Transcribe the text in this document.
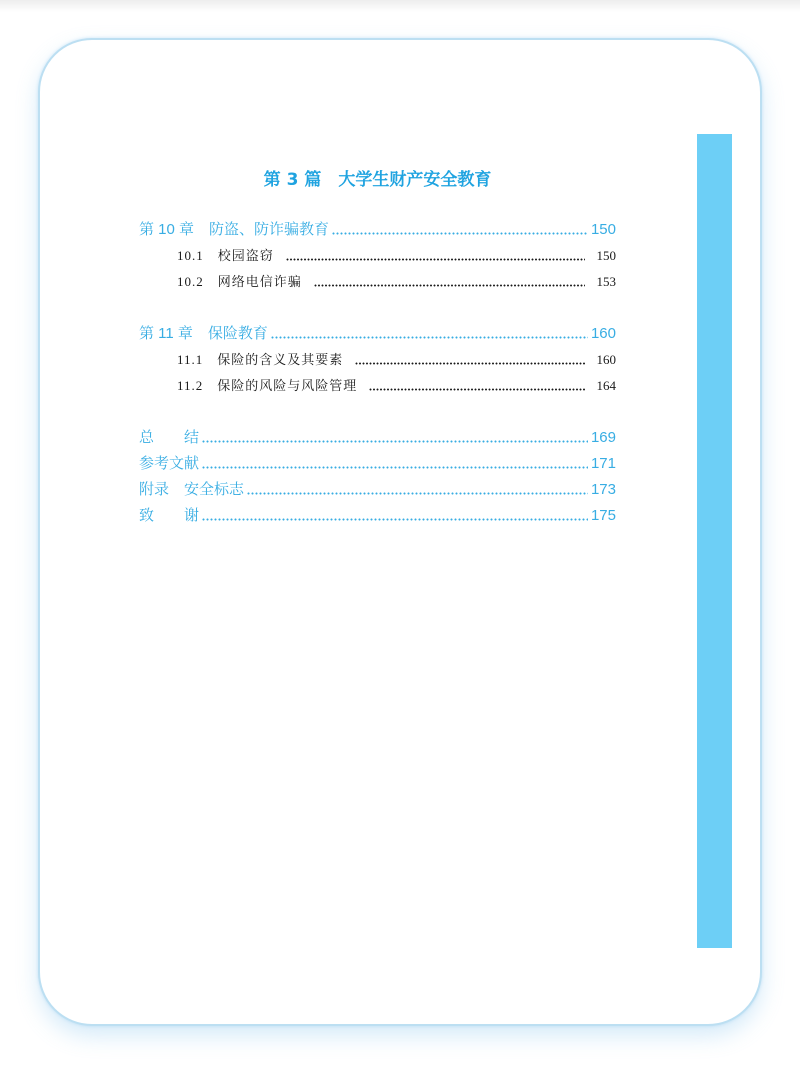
第 3 篇　大学生财产安全教育
第 10 章　防盗、防诈骗教育	150
10.1　校园盗窃	150
10.2　网络电信诈骗	153
第 11 章　保险教育	160
11.1　保险的含义及其要素	160
11.2　保险的风险与风险管理	164
总　　结	169
参考文献	171
附录　安全标志	173
致　　谢	175
